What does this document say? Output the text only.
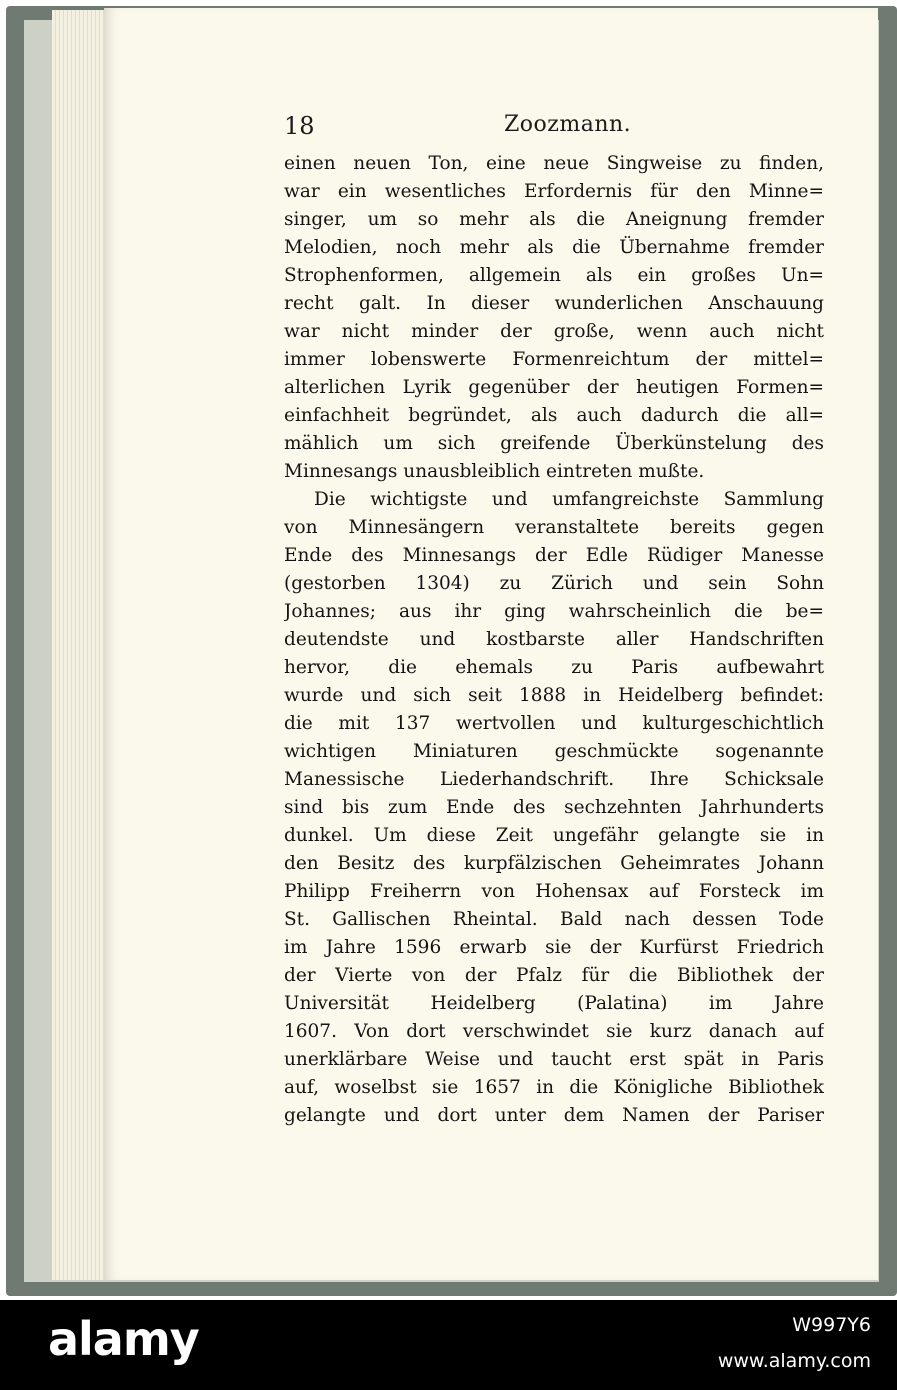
18	Zoozmann.
einen neuen Ton, eine neue Singweise zu finden,
war ein wesentliches Erfordernis für den Minne=
singer, um so mehr als die Aneignung fremder
Melodien, noch mehr als die Übernahme fremder
Strophenformen, allgemein als ein großes Un=
recht galt. In dieser wunderlichen Anschauung
war nicht minder der große, wenn auch nicht
immer lobenswerte Formenreichtum der mittel=
alterlichen Lyrik gegenüber der heutigen Formen=
einfachheit begründet, als auch dadurch die all=
mählich um sich greifende Überkünstelung des
Minnesangs unausbleiblich eintreten mußte.
Die wichtigste und umfangreichste Sammlung
von Minnesängern veranstaltete bereits gegen
Ende des Minnesangs der Edle Rüdiger Manesse
(gestorben 1304) zu Zürich und sein Sohn
Johannes; aus ihr ging wahrscheinlich die be=
deutendste und kostbarste aller Handschriften
hervor, die ehemals zu Paris aufbewahrt
wurde und sich seit 1888 in Heidelberg befindet:
die mit 137 wertvollen und kulturgeschichtlich
wichtigen Miniaturen geschmückte sogenannte
Manessische Liederhandschrift. Ihre Schicksale
sind bis zum Ende des sechzehnten Jahrhunderts
dunkel. Um diese Zeit ungefähr gelangte sie in
den Besitz des kurpfälzischen Geheimrates Johann
Philipp Freiherrn von Hohensax auf Forsteck im
St. Gallischen Rheintal. Bald nach dessen Tode
im Jahre 1596 erwarb sie der Kurfürst Friedrich
der Vierte von der Pfalz für die Bibliothek der
Universität Heidelberg (Palatina) im Jahre
1607. Von dort verschwindet sie kurz danach auf
unerklärbare Weise und taucht erst spät in Paris
auf, woselbst sie 1657 in die Königliche Bibliothek
gelangte und dort unter dem Namen der Pariser
alamy	W997Y6
www.alamy.com
